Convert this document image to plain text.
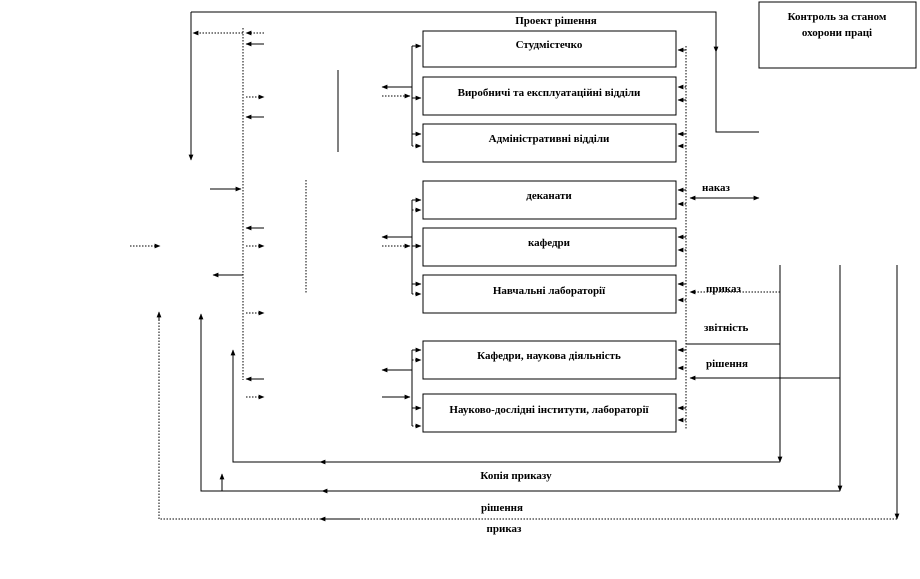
Контроль за станом
охорони праці
Студмістечко
Виробничі та експлуатаційні відділи
Адміністративні відділи
деканати
кафедри
Навчальні лабораторії
Кафедри, наукова діяльність
Науково-дослідні інститути, лабораторії
Проект рішення
наказ
приказ
звітність
рішення
Копія приказу
рішення
приказ
